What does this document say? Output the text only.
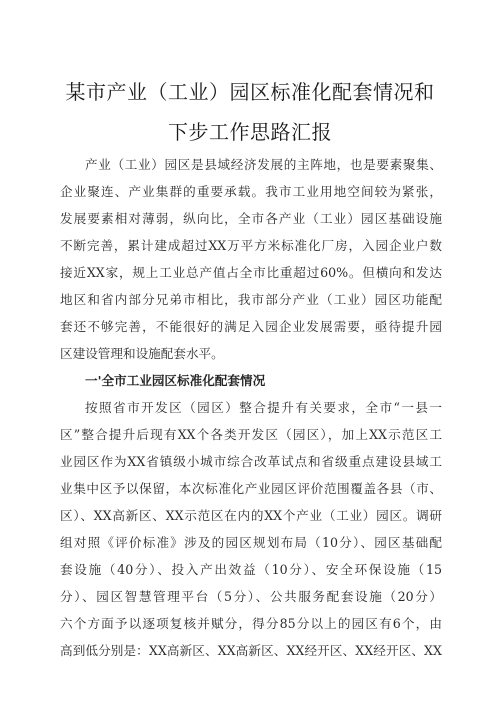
某市产业（工业）园区标准化配套情况和
下步工作思路汇报
产业（工业）园区是县域经济发展的主阵地，也是要素聚集、
企业聚连、产业集群的重要承载。我市工业用地空间较为紧张，
发展要素相对薄弱，纵向比，全市各产业（工业）园区基础设施
不断完善，累计建成超过XX万平方米标准化厂房，入园企业户数
接近XX家，规上工业总产值占全市比重超过60%。但横向和发达
地区和省内部分兄弟市相比，我市部分产业（工业）园区功能配
套还不够完善，不能很好的满足入园企业发展需要，亟待提升园
区建设管理和设施配套水平。
一'全市工业园区标准化配套情况
按照省市开发区（园区）整合提升有关要求，全市“一县一
区”整合提升后现有XX个各类开发区（园区），加上XX示范区工
业园区作为XX省镇级小城市综合改革试点和省级重点建设县域工
业集中区予以保留，本次标准化产业园区评价范围覆盖各县（市、
区）、XX高新区、XX示范区在内的XX个产业（工业）园区。调研
组对照《评价标准》涉及的园区规划布局（10分）、园区基础配
套设施（40分）、投入产出效益（10分）、安全环保设施（15
分）、园区智慧管理平台（5分）、公共服务配套设施（20分）
六个方面予以逐项复核并赋分，得分85分以上的园区有6个，由
高到低分别是：XX高新区、XX高新区、XX经开区、XX经开区、XX
